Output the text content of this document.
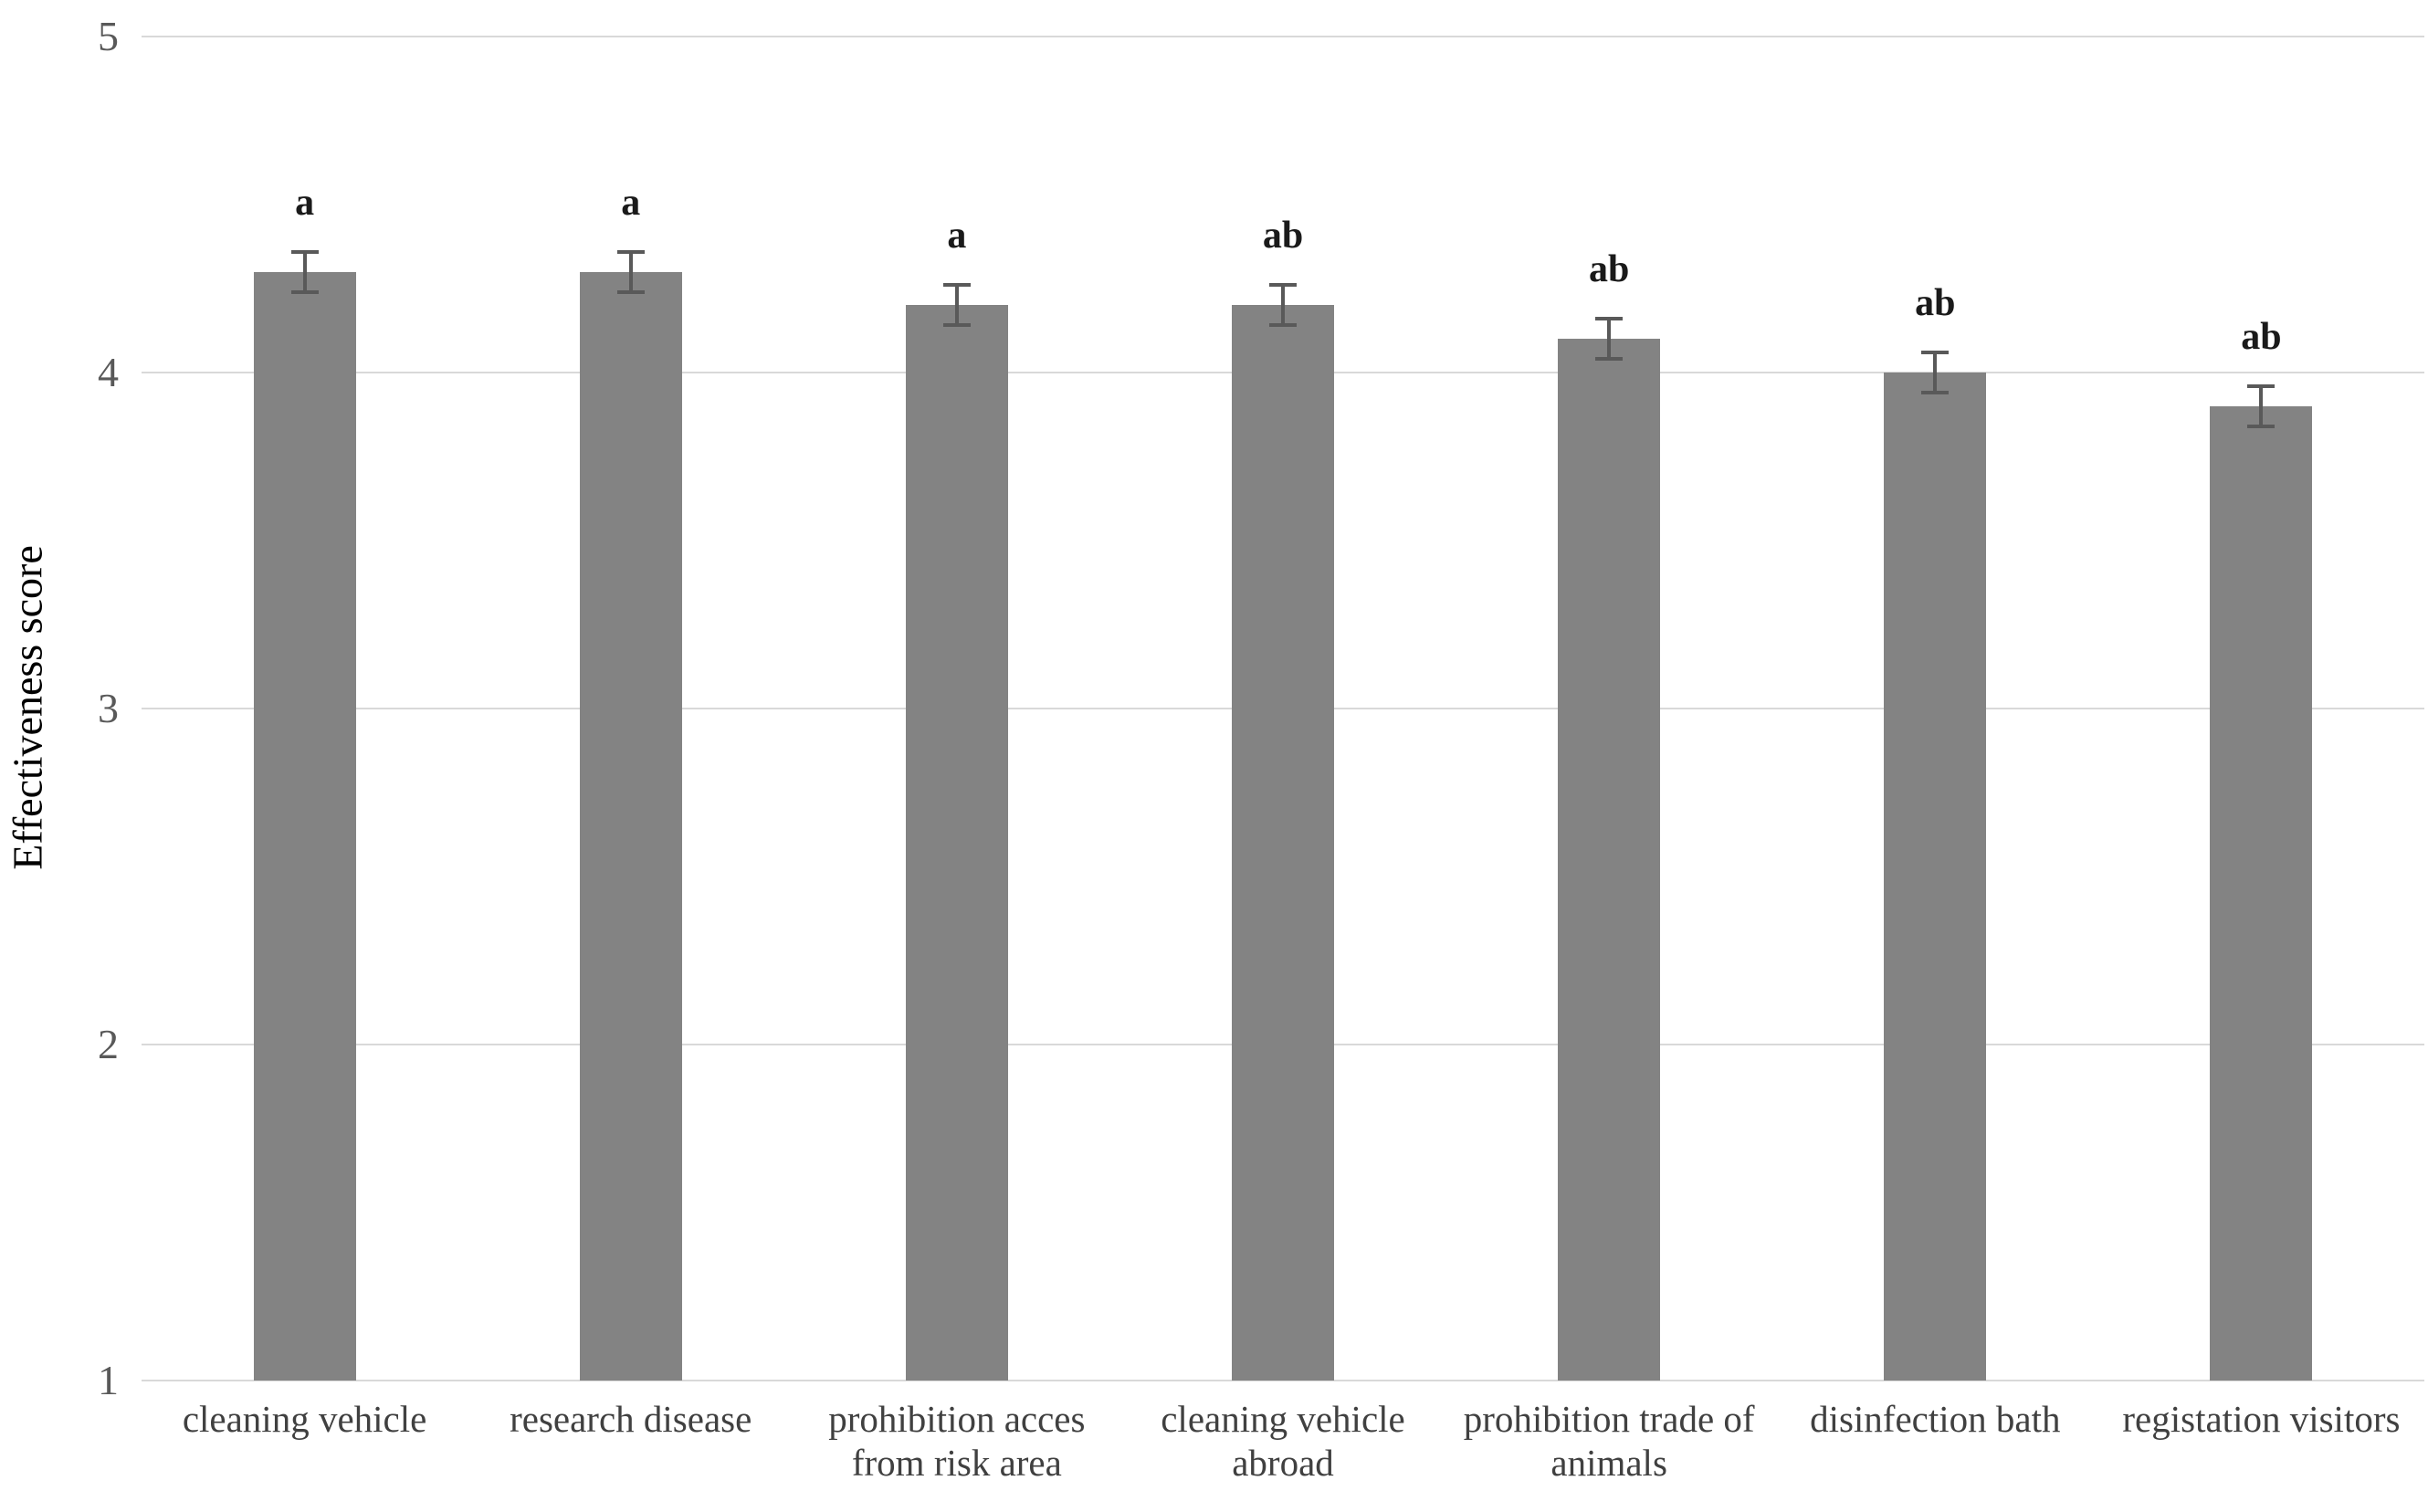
Effectiveness score
a
cleaning vehicle
a
research disease
a
prohibition acces
from risk area
ab
cleaning vehicle
abroad
ab
prohibition trade of
animals
ab
disinfection bath
ab
registation visitors
5
4
3
2
1
